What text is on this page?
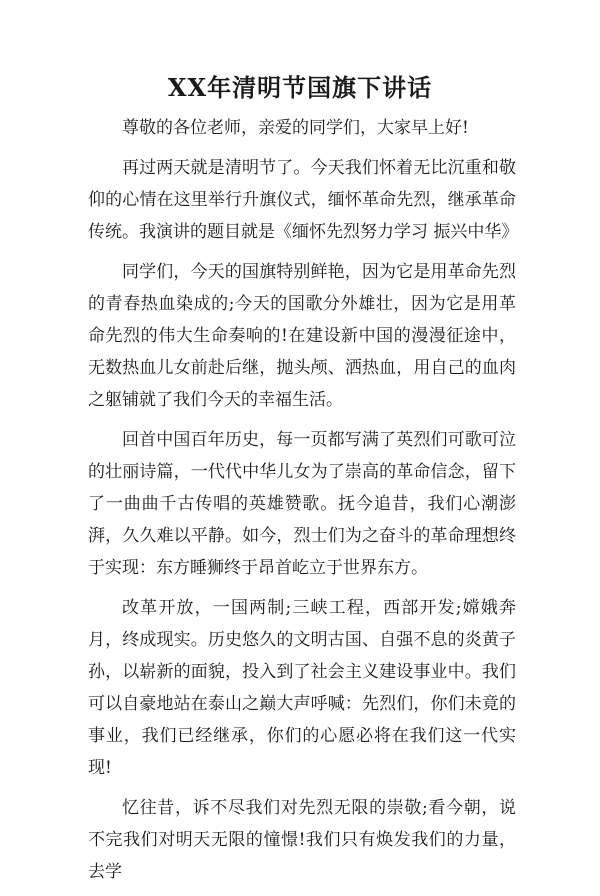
XX年清明节国旗下讲话

尊敬的各位老师，亲爱的同学们，大家早上好!

再过两天就是清明节了。今天我们怀着无比沉重和敬仰的心情在这里举行升旗仪式，缅怀革命先烈，继承革命传统。我演讲的题目就是《缅怀先烈努力学习 振兴中华》

同学们，今天的国旗特别鲜艳，因为它是用革命先烈的青春热血染成的;今天的国歌分外雄壮，因为它是用革命先烈的伟大生命奏响的!在建设新中国的漫漫征途中，无数热血儿女前赴后继，抛头颅、洒热血，用自己的血肉之躯铺就了我们今天的幸福生活。

回首中国百年历史，每一页都写满了英烈们可歌可泣的壮丽诗篇，一代代中华儿女为了崇高的革命信念，留下了一曲曲千古传唱的英雄赞歌。抚今追昔，我们心潮澎湃，久久难以平静。如今，烈士们为之奋斗的革命理想终于实现：东方睡狮终于昂首屹立于世界东方。

改革开放，一国两制;三峡工程，西部开发;嫦娥奔月，终成现实。历史悠久的文明古国、自强不息的炎黄子孙，以崭新的面貌，投入到了社会主义建设事业中。我们可以自豪地站在泰山之巅大声呼喊：先烈们，你们未竟的事业，我们已经继承，你们的心愿必将在我们这一代实现!

忆往昔，诉不尽我们对先烈无限的崇敬;看今朝，说不完我们对明天无限的憧憬!我们只有焕发我们的力量，去学
